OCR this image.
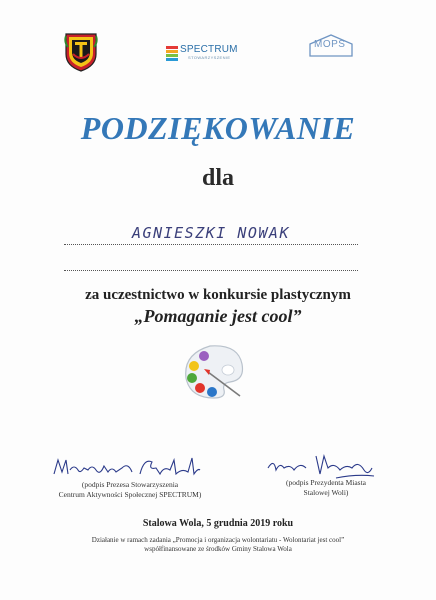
SPECTRUM
STOWARZYSZENIE
MOPS
PODZIĘKOWANIE
dla
AGNIESZKI NOWAK
za uczestnictwo w konkursie plastycznym
„Pomaganie jest cool”
(podpis Prezesa Stowarzyszenia
Centrum Aktywności Społecznej SPECTRUM)
(podpis Prezydenta Miasta
Stalowej Woli)
Stalowa Wola, 5 grudnia 2019 roku
Działanie w ramach zadania „Promocja i organizacja wolontariatu - Wolontariat jest cool”
współfinansowane ze środków Gminy Stalowa Wola
